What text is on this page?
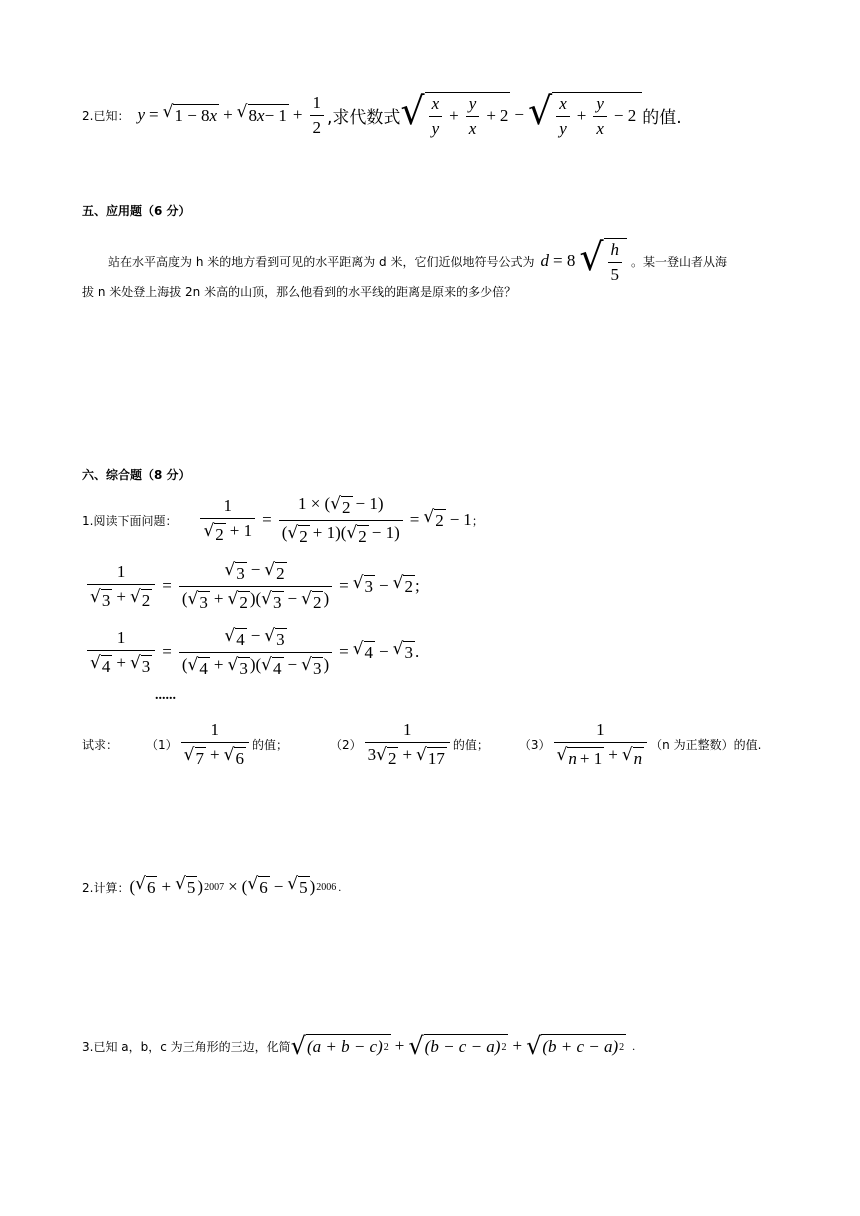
2.已知： y = √ 1 − 8 x + √ 8 $x - 1 + \frac{1}{2}$ ,求代数式 √ $\frac{x}{y} + \frac{y}{x} + 2$ − √ $\frac{x}{y} + \frac{y}{x} - 2$ 的值.
五、应用题（6 分）
站在水平高度为 h 米的地方看到可见的水平距离为 d 米，它们近似地符号公式为 d = 8 √ $\frac{h}{5}$ 。某一登山者从海
拔 n 米处登上海拔 2n 米高的山顶，那么他看到的水平线的距离是原来的多少倍？
六、综合题（8 分）
1.阅读下面问题： $\frac{1}{√ 2 + 1} = \frac{1 \times ( √ 2 - 1)}{( √ 2 + 1)( √ 2 - 1)}$ = √ 2 − 1 ；
$\frac{1}{√ 3 + √ 2} = \frac{√ 3 - √ 2}{( √ 3 + √ 2 )( √ 3 - √ 2 )}$ = √ 3 − √ 2 ;
$\frac{1}{√ 4 + √ 3} = \frac{√ 4 - √ 3}{( √ 4 + √ 3 )( √ 4 - √ 3 )}$ = √ 4 − √ 3 .
......
试求： $(1) \frac{1}{√ 7 + √ 6}$ 的值；	$(2) \frac{1}{3 √ 2 + √ 17}$ 的值；	$(3) \frac{1}{√ n + 1 + √ n} (n$ 为正整数）的值.
2.计算： ( √ 6 + √ 5 ) 2007 × ( √ 6 − √ 5 ) 2006 .
3.已知 a，b，c 为三角形的三边，化简 √ (a + b − c) 2 + √ (b − c − a) 2 + √ (b + c − a) 2 .
